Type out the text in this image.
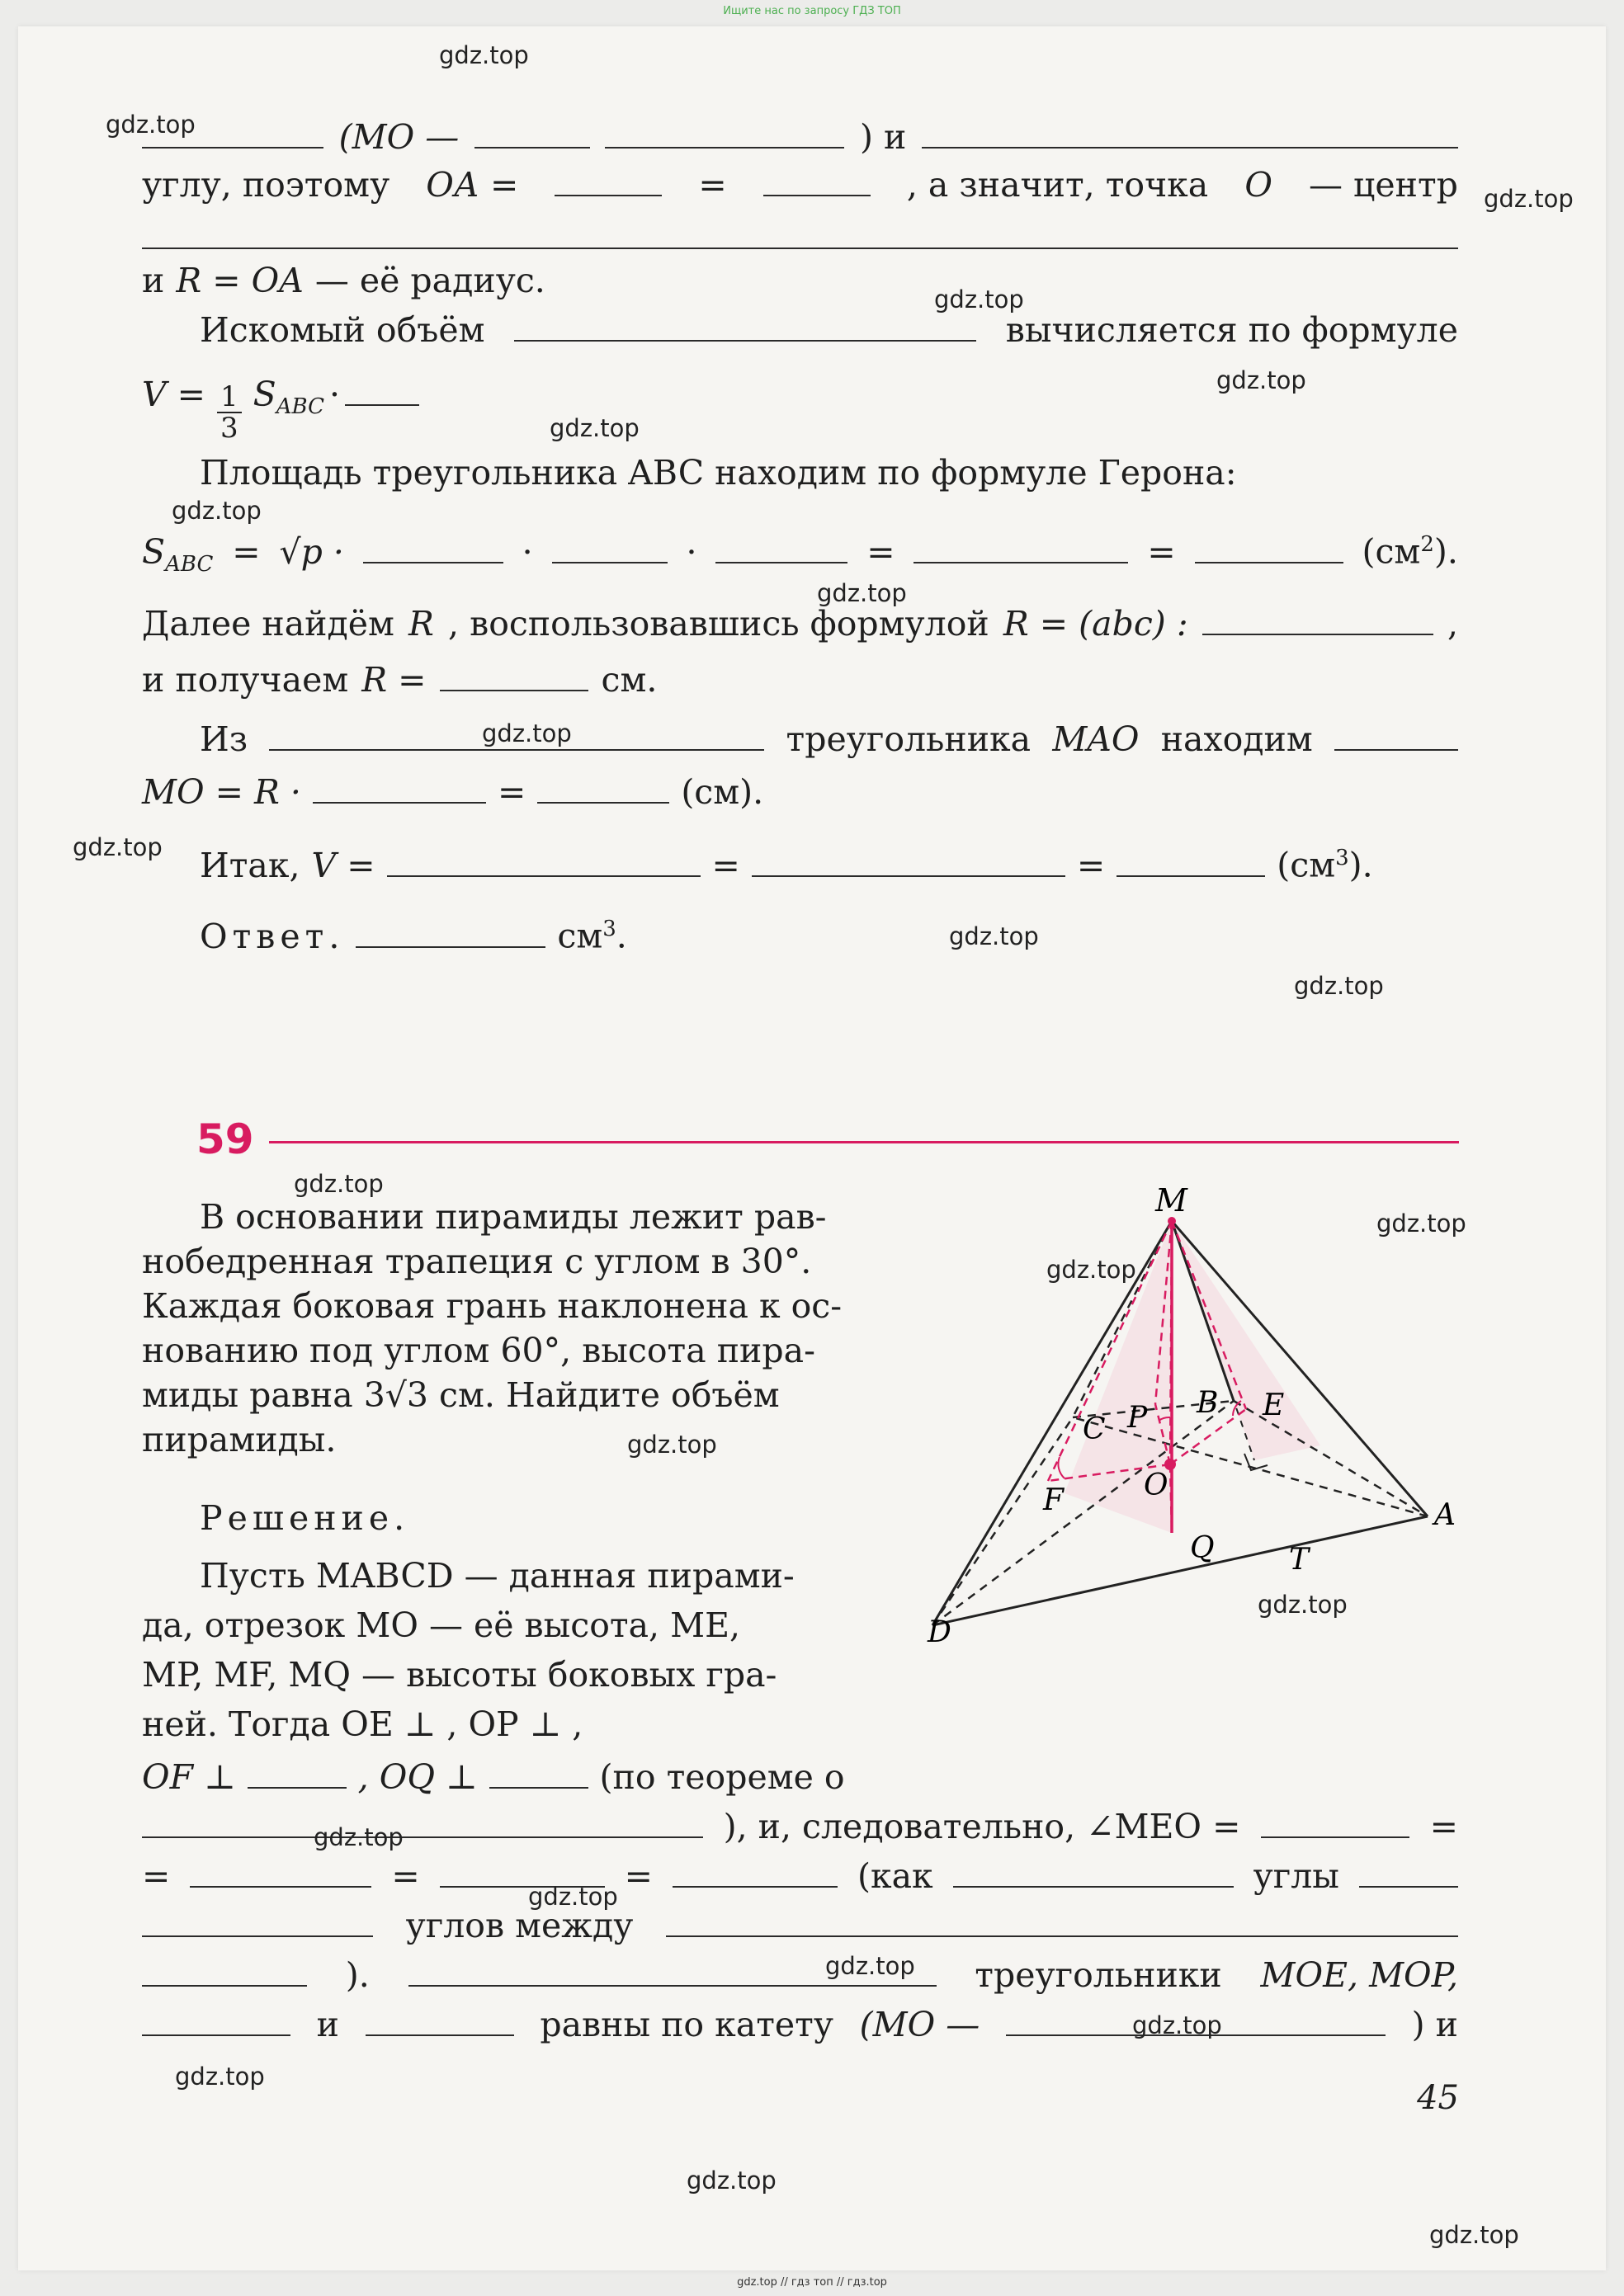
Ищите нас по запросу ГДЗ ТОП
(МО —	) и
углу, поэтому ОА =	=	, а значит, точка О — центр
и R = OA — её радиус.
Искомый объём	вычисляется по формуле
$V = \frac{1}{3} S_{ABC}$ ·
Площадь треугольника ABC находим по формуле Герона:
$S_{ABC} = √p$ ·	·	·	=	=	$(см^2)$.
Далее найдём R , воспользовавшись формулой R = (abc) :	,
и получаем R =	см.
Из	треугольника MAO находим
MO = R ·	=	(см).
Итак, V =	=	=	$(см^3)$.
Ответ.	$см^3$.
59
В основании пирамиды лежит рав-
нобедренная трапеция с углом в 30°.
Каждая боковая грань наклонена к ос-
нованию под углом 60°, высота пира-
миды равна 3√3 см. Найдите объём
пирамиды.
Решение.
Пусть MABCD — данная пирами-
да, отрезок MO — её высота, ME,
MP, MF, MQ — высоты боковых гра-
ней. Тогда OE ⊥ , OP ⊥ ,
OF ⊥	, OQ ⊥	(по теореме о
), и, следовательно, ∠MEO =	=
=	=	=	(как	углы
углов между
).	треугольники MOE, MOP,
и	равны по катету (MO —	) и
M
A
B
C
D
E
F	O
P
Q	T
45
gdz.top
gdz.top
gdz.top
gdz.top
gdz.top
gdz.top
gdz.top
gdz.top
gdz.top
gdz.top
gdz.top
gdz.top
gdz.top
gdz.top
gdz.top
gdz.top
gdz.top
gdz.top
gdz.top
gdz.top
gdz.top
gdz.top
gdz.top
gdz.top
gdz.top // гдз топ // гдз.top
